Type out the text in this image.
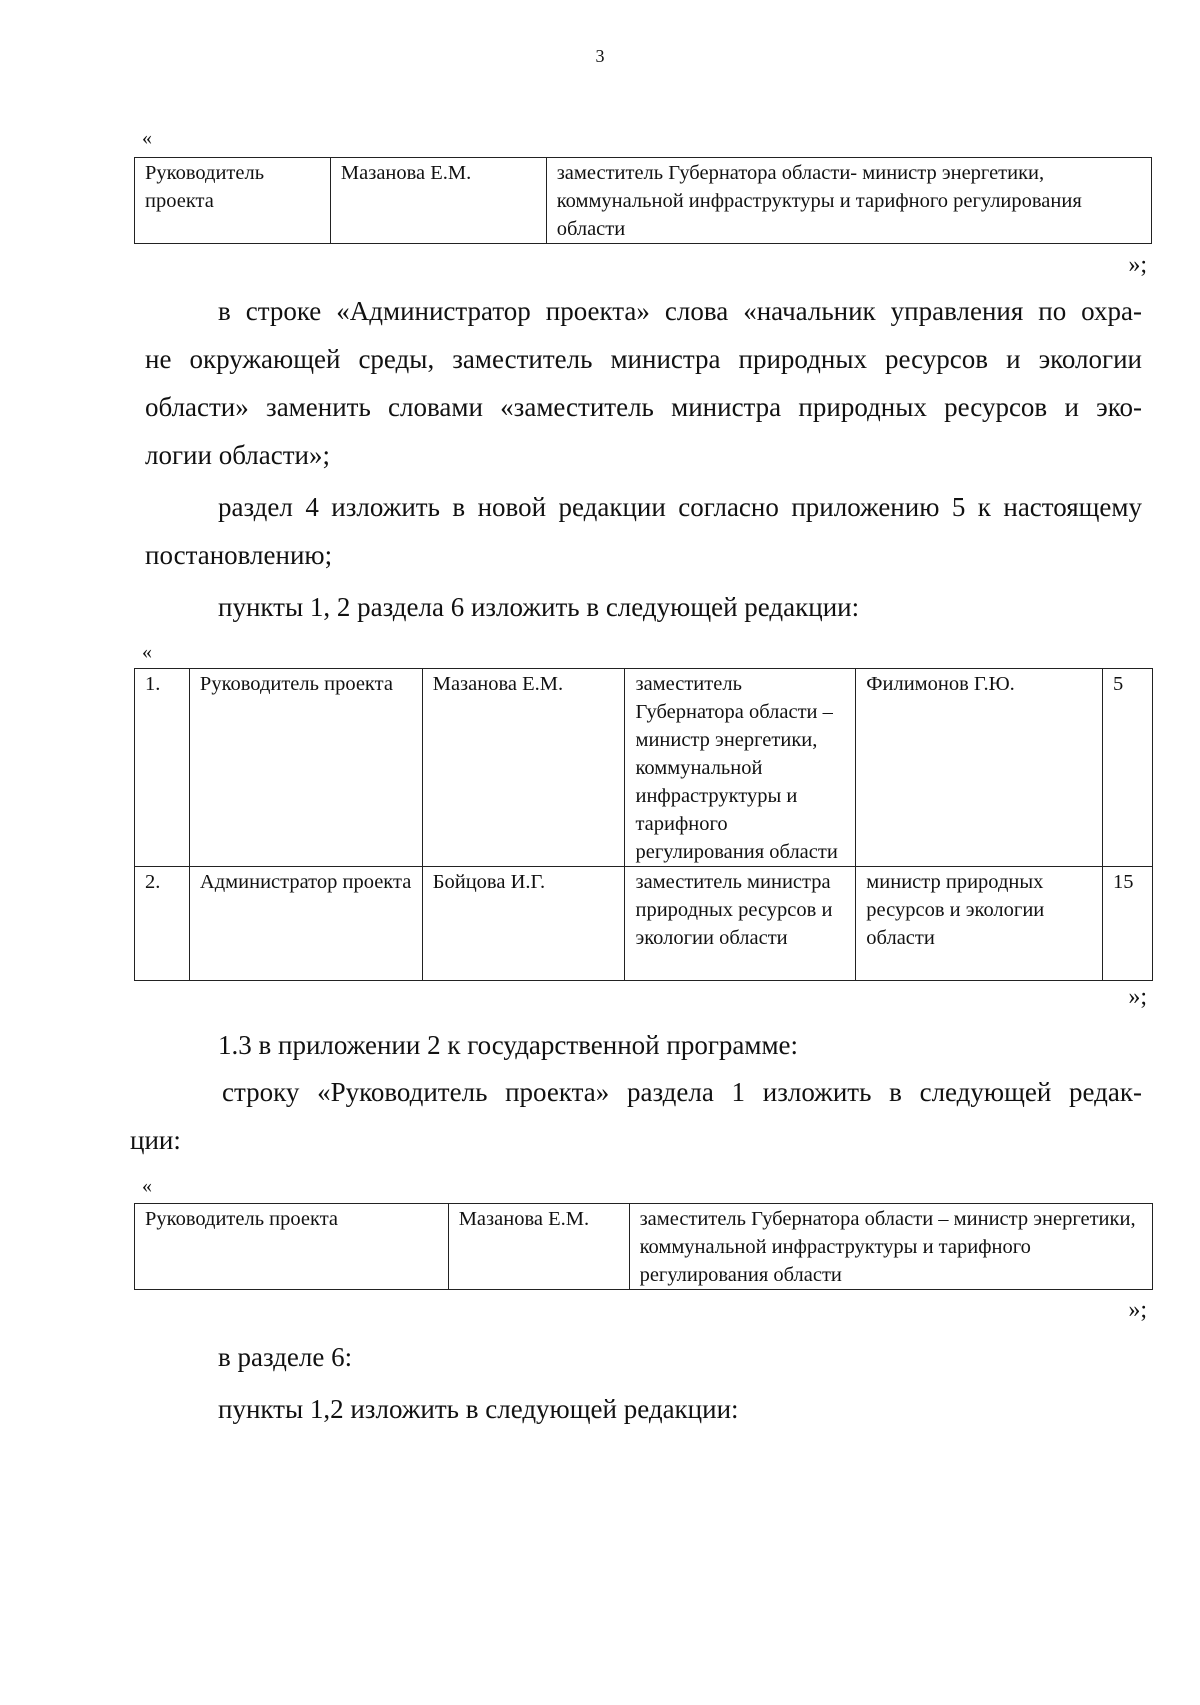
3
«
Руководитель проекта	Мазанова Е.М.	заместитель Губернатора области- министр энергетики, коммунальной инфраструктуры и тарифного регулирования области
»;
в строке «Администратор проекта» слова «начальник управления по охра-
не окружающей среды, заместитель министра природных ресурсов и экологии
области» заменить словами «заместитель министра природных ресурсов и эко-
логии области»;
раздел 4 изложить в новой редакции согласно приложению 5 к настоящему
постановлению;
пункты 1, 2 раздела 6 изложить в следующей редакции:
«
1.	Руководитель проекта	Мазанова Е.М.	заместитель Губернатора области – министр энергетики, коммунальной инфраструктуры и тарифного регулирования области	Филимонов Г.Ю.	5
2.	Администратор проекта	Бойцова И.Г.	заместитель министра природных ресурсов и экологии области	министр природных ресурсов и экологии области	15
»;
1.3 в приложении 2 к государственной программе:
строку «Руководитель проекта» раздела 1 изложить в следующей редак-
ции:
«
Руководитель проекта	Мазанова Е.М.	заместитель Губернатора области – министр энергетики, коммунальной инфраструктуры и тарифного регулирования области
»;
в разделе 6:
пункты 1,2 изложить в следующей редакции:
